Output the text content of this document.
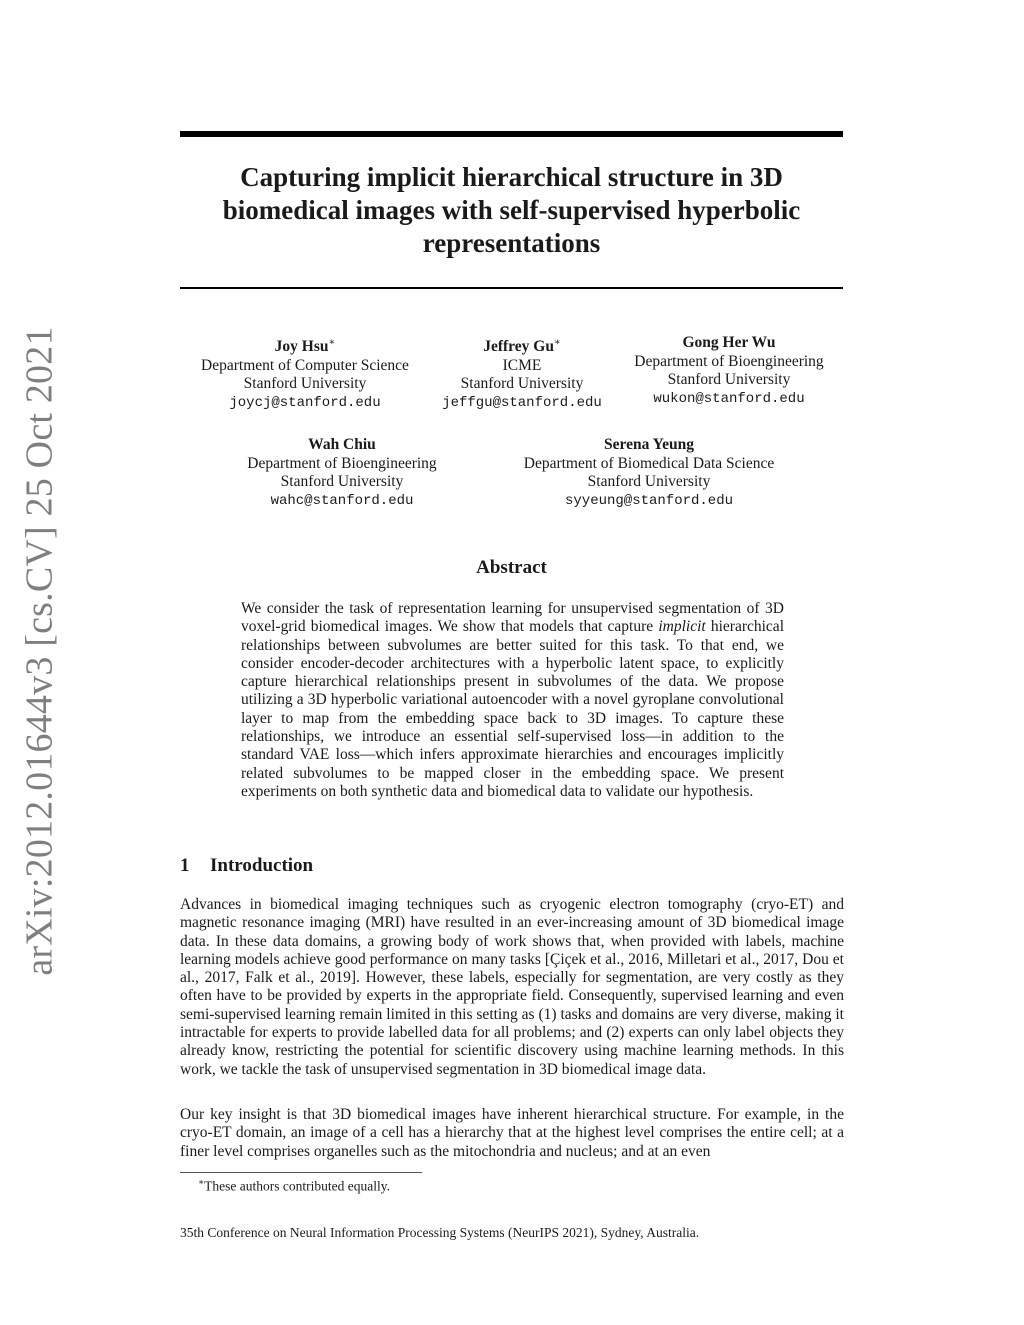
arXiv:2012.01644v3 [cs.CV] 25 Oct 2021
Capturing implicit hierarchical structure in 3D
biomedical images with self-supervised hyperbolic
representations
Joy Hsu∗
Department of Computer Science
Stanford University
joycj@stanford.edu
Jeffrey Gu∗
ICME
Stanford University
jeffgu@stanford.edu
Gong Her Wu
Department of Bioengineering
Stanford University
wukon@stanford.edu
Wah Chiu
Department of Bioengineering
Stanford University
wahc@stanford.edu
Serena Yeung
Department of Biomedical Data Science
Stanford University
syyeung@stanford.edu
Abstract
We consider the task of representation learning for unsupervised segmentation of 3D voxel-grid biomedical images. We show that models that capture implicit hierarchical relationships between subvolumes are better suited for this task. To that end, we consider encoder-decoder architectures with a hyperbolic latent space, to explicitly capture hierarchical relationships present in subvolumes of the data. We propose utilizing a 3D hyperbolic variational autoencoder with a novel gyroplane convolutional layer to map from the embedding space back to 3D images. To capture these relationships, we introduce an essential self-supervised loss—in addition to the standard VAE loss—which infers approximate hierarchies and encourages implicitly related subvolumes to be mapped closer in the embedding space. We present experiments on both synthetic data and biomedical data to validate our hypothesis.
1 Introduction
Advances in biomedical imaging techniques such as cryogenic electron tomography (cryo-ET) and magnetic resonance imaging (MRI) have resulted in an ever-increasing amount of 3D biomedical image data. In these data domains, a growing body of work shows that, when provided with labels, machine learning models achieve good performance on many tasks [Çiçek et al., 2016, Milletari et al., 2017, Dou et al., 2017, Falk et al., 2019]. However, these labels, especially for segmentation, are very costly as they often have to be provided by experts in the appropriate field. Consequently, supervised learning and even semi-supervised learning remain limited in this setting as (1) tasks and domains are very diverse, making it intractable for experts to provide labelled data for all problems; and (2) experts can only label objects they already know, restricting the potential for scientific discovery using machine learning methods. In this work, we tackle the task of unsupervised segmentation in 3D biomedical image data.
Our key insight is that 3D biomedical images have inherent hierarchical structure. For example, in the cryo-ET domain, an image of a cell has a hierarchy that at the highest level comprises the entire cell; at a finer level comprises organelles such as the mitochondria and nucleus; and at an even
∗These authors contributed equally.
35th Conference on Neural Information Processing Systems (NeurIPS 2021), Sydney, Australia.
